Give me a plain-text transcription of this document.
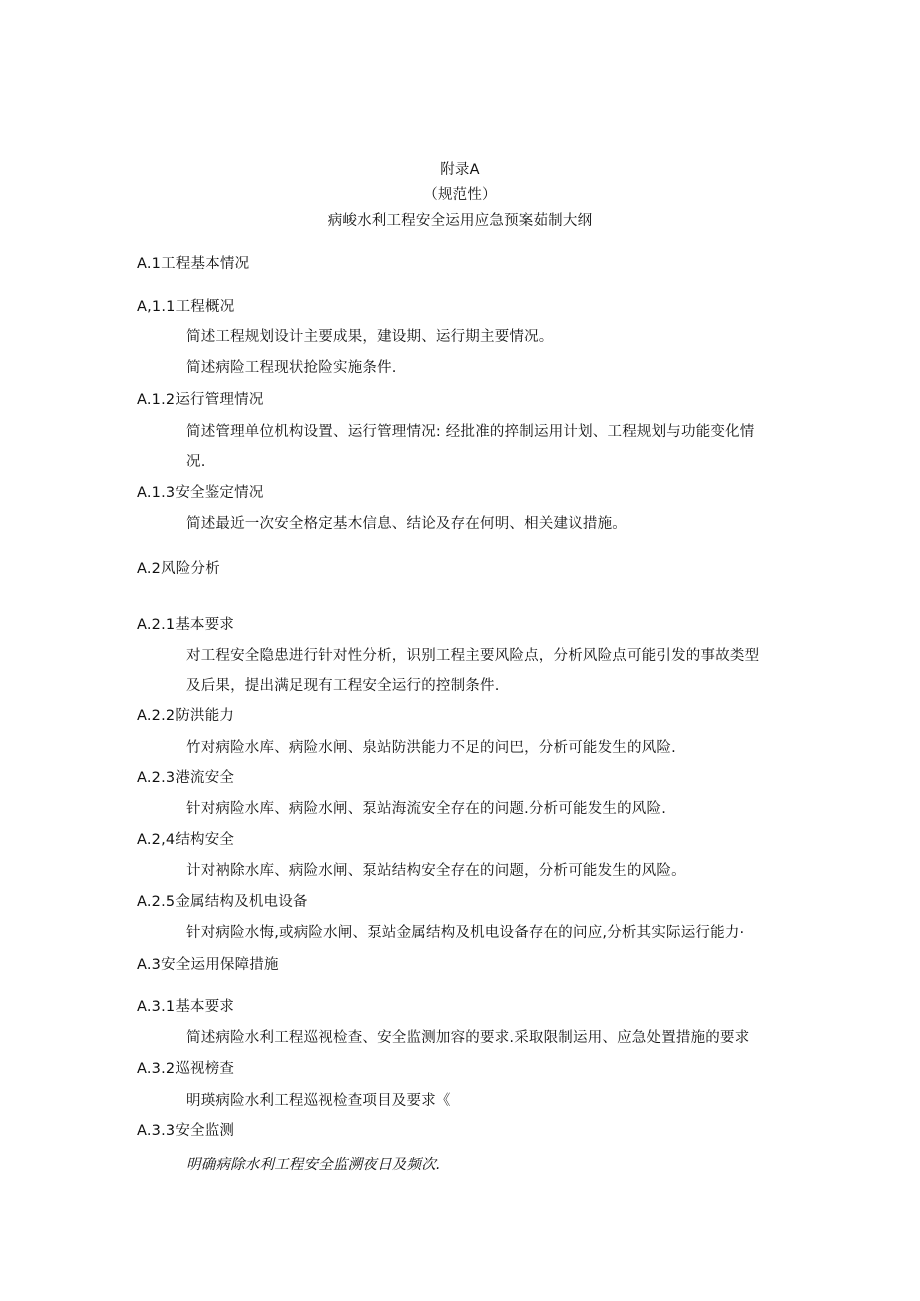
附录A
（规范性）
病峻水利工程安全运用应急预案茹制大纲
A.1工程基本情况
A,1.1工程概况
简述工程规划设计主要成果，建设期、运行期主要情况。
简述病险工程现状抢险实施条件.
A.1.2运行管理情况
简述管理单位机构设置、运行管理情况: 经批准的捽制运用计划、工程规划与功能变化情
况.
A.1.3安全鉴定情况
简述最近一次安全格定基木信息、结论及存在何明、相关建议措施。
A.2风险分析
A.2.1基本要求
对工程安全隐患进行针对性分析，识别工程主要风险点，分析风险点可能引发的事故类型
及后果，提出满足现有工程安全运行的控制条件.
A.2.2防洪能力
竹对病险水库、病险水闸、泉站防洪能力不足的问巴，分析可能发生的风险.
A.2.3港流安全
针对病险水库、病险水闸、泵站海流安全存在的问题.分析可能发生的风险.
A.2,4结构安全
计对衲除水库、病险水闸、泵站结构安全存在的问题，分析可能发生的风险。
A.2.5金属结构及机电设备
针对病险水悔,或病险水闸、泵站金属结构及机电设备存在的问应,分析其实际运行能力·
A.3安全运用保障措施
A.3.1基本要求
简述病险水利工程巡视检查、安全监测加容的要求.采取限制运用、应急处置措施的要求
A.3.2巡视榜查
明瑛病险水利工程巡视检查项目及要求《
A.3.3安全监测
明确病除水利工程安全监溯夜日及频次.
